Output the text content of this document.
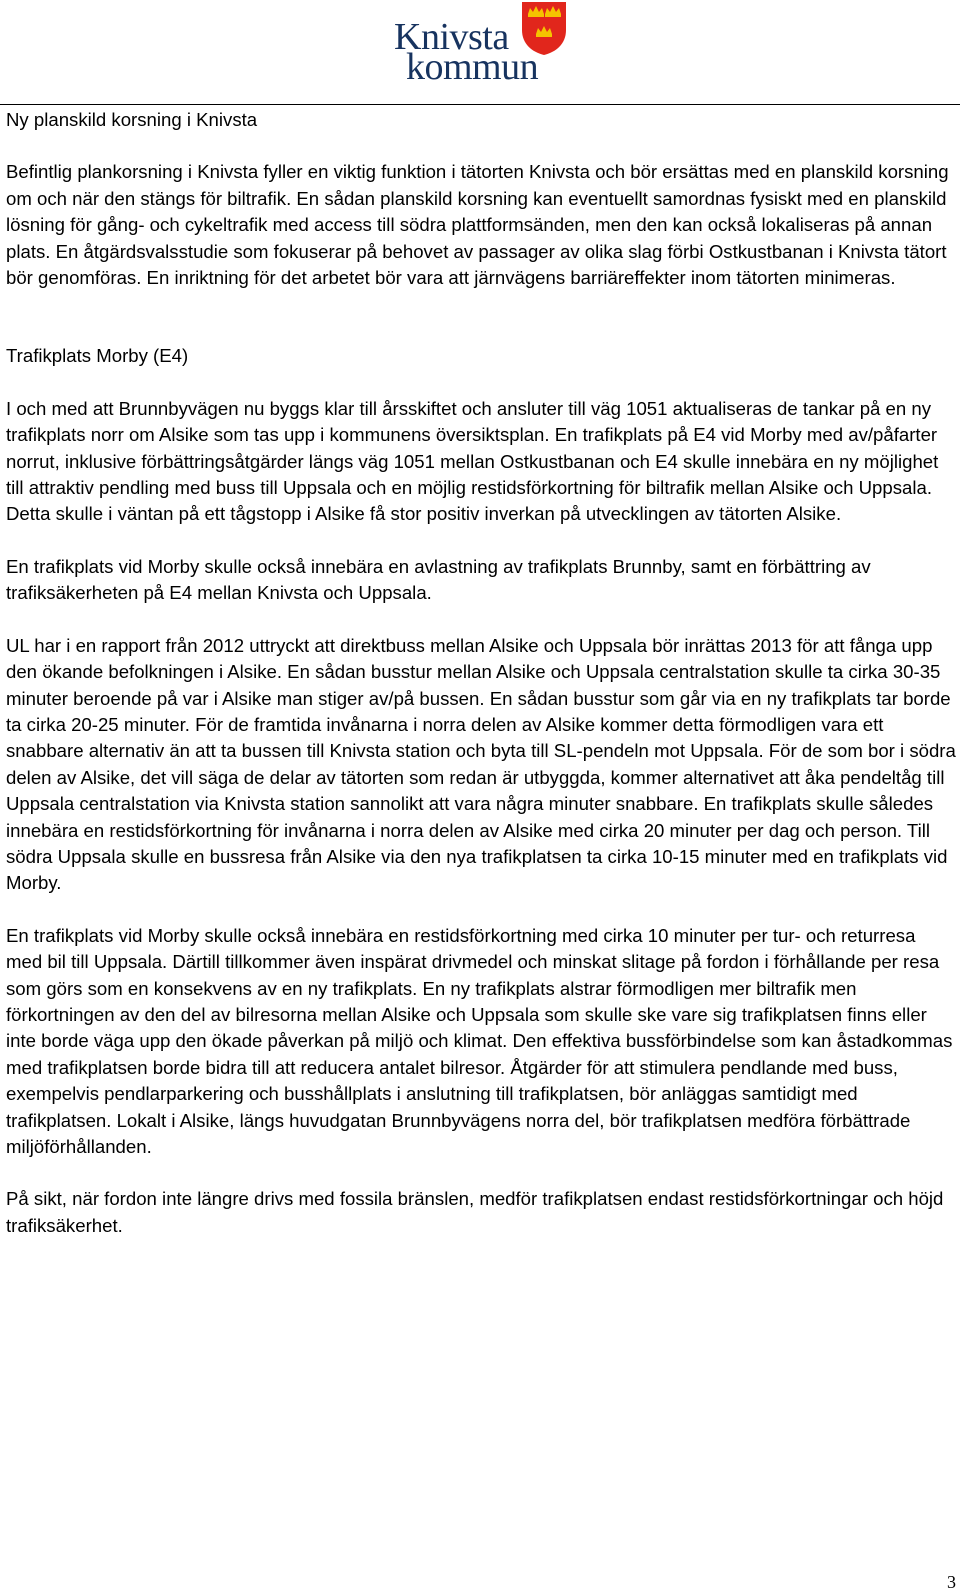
Knivsta
kommun

Ny planskild korsning i Knivsta

Befintlig plankorsning i Knivsta fyller en viktig funktion i tätorten Knivsta och bör ersättas med en planskild korsning om och när den stängs för biltrafik. En sådan planskild korsning kan eventuellt samordnas fysiskt med en planskild lösning för gång- och cykeltrafik med access till södra plattformsänden, men den kan också lokaliseras på annan plats. En åtgärdsvalsstudie som fokuserar på behovet av passager av olika slag förbi Ostkustbanan i Knivsta tätort bör genomföras. En inriktning för det arbetet bör vara att järnvägens barriäreffekter inom tätorten minimeras.

Trafikplats Morby (E4)

I och med att Brunnbyvägen nu byggs klar till årsskiftet och ansluter till väg 1051 aktualiseras de tankar på en ny trafikplats norr om Alsike som tas upp i kommunens översiktsplan. En trafikplats på E4 vid Morby med av/påfarter norrut, inklusive förbättringsåtgärder längs väg 1051 mellan Ostkustbanan och E4 skulle innebära en ny möjlighet till attraktiv pendling med buss till Uppsala och en möjlig restidsförkortning för biltrafik mellan Alsike och Uppsala. Detta skulle i väntan på ett tågstopp i Alsike få stor positiv inverkan på utvecklingen av tätorten Alsike.

En trafikplats vid Morby skulle också innebära en avlastning av trafikplats Brunnby, samt en förbättring av trafiksäkerheten på E4 mellan Knivsta och Uppsala.

UL har i en rapport från 2012 uttryckt att direktbuss mellan Alsike och Uppsala bör inrättas 2013 för att fånga upp den ökande befolkningen i Alsike. En sådan busstur mellan Alsike och Uppsala centralstation skulle ta cirka 30-35 minuter beroende på var i Alsike man stiger av/på bussen. En sådan busstur som går via en ny trafikplats tar borde ta cirka 20-25 minuter. För de framtida invånarna i norra delen av Alsike kommer detta förmodligen vara ett snabbare alternativ än att ta bussen till Knivsta station och byta till SL-pendeln mot Uppsala. För de som bor i södra delen av Alsike, det vill säga de delar av tätorten som redan är utbyggda, kommer alternativet att åka pendeltåg till Uppsala centralstation via Knivsta station sannolikt att vara några minuter snabbare. En trafikplats skulle således innebära en restidsförkortning för invånarna i norra delen av Alsike med cirka 20 minuter per dag och person. Till södra Uppsala skulle en bussresa från Alsike via den nya trafikplatsen ta cirka 10-15 minuter med en trafikplats vid Morby.

En trafikplats vid Morby skulle också innebära en restidsförkortning med cirka 10 minuter per tur- och returresa med bil till Uppsala. Därtill tillkommer även inspärat drivmedel och minskat slitage på fordon i förhållande per resa som görs som en konsekvens av en ny trafikplats. En ny trafikplats alstrar förmodligen mer biltrafik men förkortningen av den del av bilresorna mellan Alsike och Uppsala som skulle ske vare sig trafikplatsen finns eller inte borde väga upp den ökade påverkan på miljö och klimat. Den effektiva bussförbindelse som kan åstadkommas med trafikplatsen borde bidra till att reducera antalet bilresor. Åtgärder för att stimulera pendlande med buss, exempelvis pendlarparkering och busshållplats i anslutning till trafikplatsen, bör anläggas samtidigt med trafikplatsen. Lokalt i Alsike, längs huvudgatan Brunnbyvägens norra del, bör trafikplatsen medföra förbättrade miljöförhållanden.

På sikt, när fordon inte längre drivs med fossila bränslen, medför trafikplatsen endast restidsförkortningar och höjd trafiksäkerhet.

3
